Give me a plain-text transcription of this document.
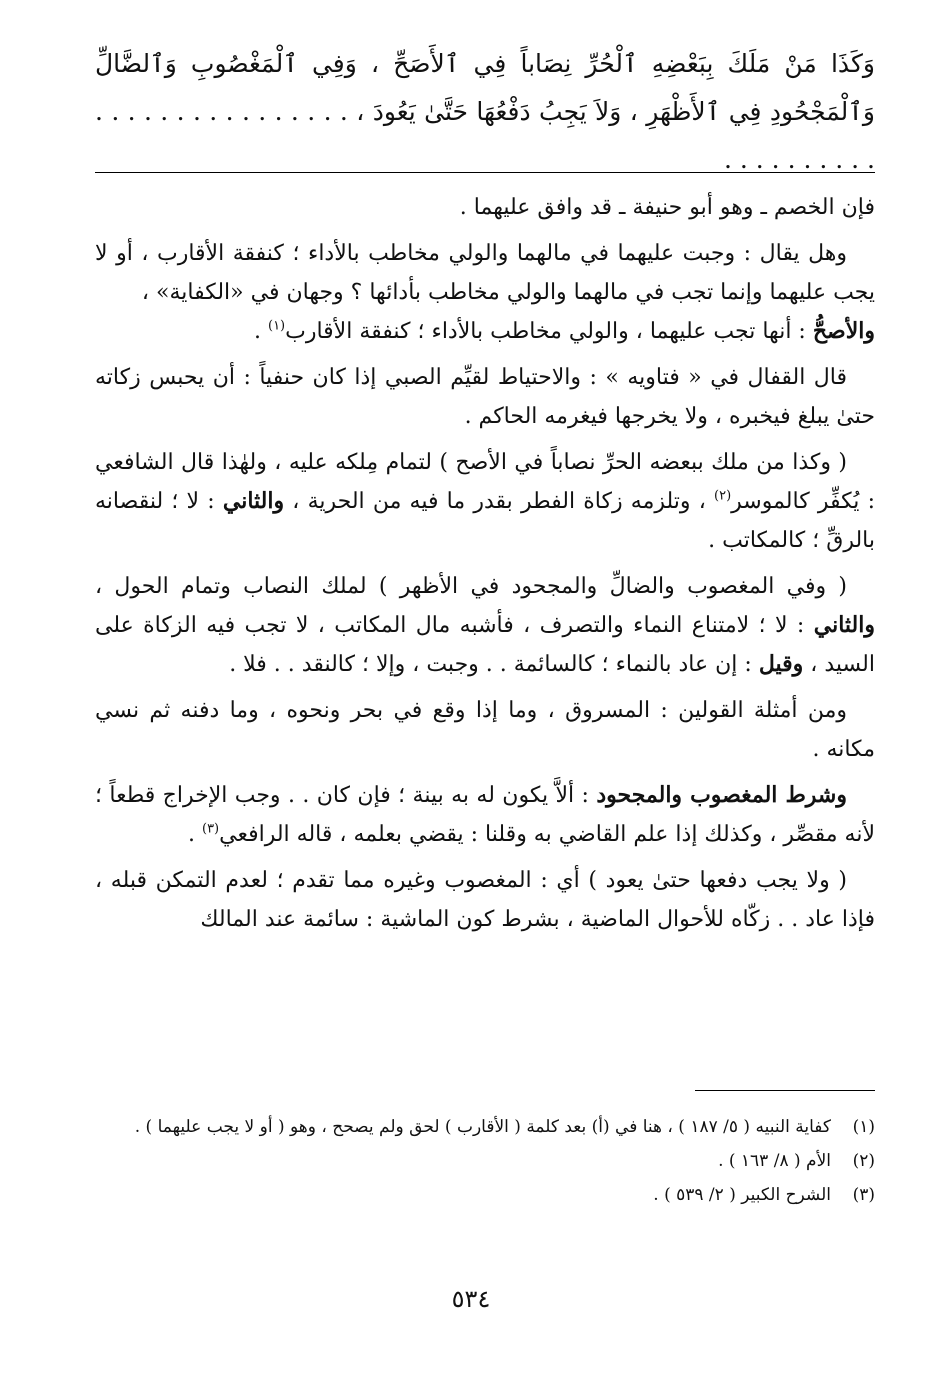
وَكَذَا مَنْ مَلَكَ بِبَعْضِهِ ٱلْحُرِّ نِصَاباً فِي ٱلأَصَحِّ ، وَفِي ٱلْمَغْصُوبِ وَٱلضَّالِّ وَٱلْمَجْحُودِ فِي ٱلأَظْهَرِ ، وَلاَ يَجِبُ دَفْعُهَا حَتَّىٰ يَعُودَ ، . . . . . . . . . . . . . . . . . . . . . . . . . .

فإن الخصم ـ وهو أبو حنيفة ـ قد وافق عليهما .

وهل يقال : وجبت عليهما في مالهما والولي مخاطب بالأداء ؛ كنفقة الأقارب ، أو لا يجب عليهما وإنما تجب في مالهما والولي مخاطب بأدائها ؟ وجهان في «الكفاية» ،
والأصحُّ : أنها تجب عليهما ، والولي مخاطب بالأداء ؛ كنفقة الأقارب$^{(١)}$ .

قال القفال في « فتاويه » : والاحتياط لقيِّم الصبي إذا كان حنفياً : أن يحبس زكاته حتىٰ يبلغ فيخبره ، ولا يخرجها فيغرمه الحاكم .

( وكذا من ملك ببعضه الحرِّ نصاباً في الأصح ) لتمام مِلكه عليه ، ولهٰذا قال الشافعي : يُكفِّر كالموسر$^{(٢)}$ ، وتلزمه زكاة الفطر بقدر ما فيه من الحرية ، والثاني : لا ؛ لنقصانه بالرقِّ ؛ كالمكاتب .

( وفي المغصوب والضالِّ والمجحود في الأظهر ) لملك النصاب وتمام الحول ، والثاني : لا ؛ لامتناع النماء والتصرف ، فأشبه مال المكاتب ، لا تجب فيه الزكاة على السيد ، وقيل : إن عاد بالنماء ؛ كالسائمة . . وجبت ، وإلا ؛ كالنقد . . فلا .

ومن أمثلة القولين : المسروق ، وما إذا وقع في بحر ونحوه ، وما دفنه ثم نسي مكانه .

وشرط المغصوب والمجحود : ألاَّ يكون له به بينة ؛ فإن كان . . وجب الإخراج قطعاً ؛ لأنه مقصِّر ، وكذلك إذا علم القاضي به وقلنا : يقضي بعلمه ، قاله الرافعي$^{(٣)}$ .

( ولا يجب دفعها حتىٰ يعود ) أي : المغصوب وغيره مما تقدم ؛ لعدم التمكن قبله ، فإذا عاد . . زكّاه للأحوال الماضية ، بشرط كون الماشية : سائمة عند المالك

(١)
كفاية النبيه ( ٥/ ١٨٧ ) ، هنا في (أ) بعد كلمة ( الأقارب ) لحق ولم يصحح ، وهو ( أو لا يجب عليهما ) .
(٢)
الأم ( ٨/ ١٦٣ ) .
(٣)
الشرح الكبير ( ٢/ ٥٣٩ ) .
٥٣٤
